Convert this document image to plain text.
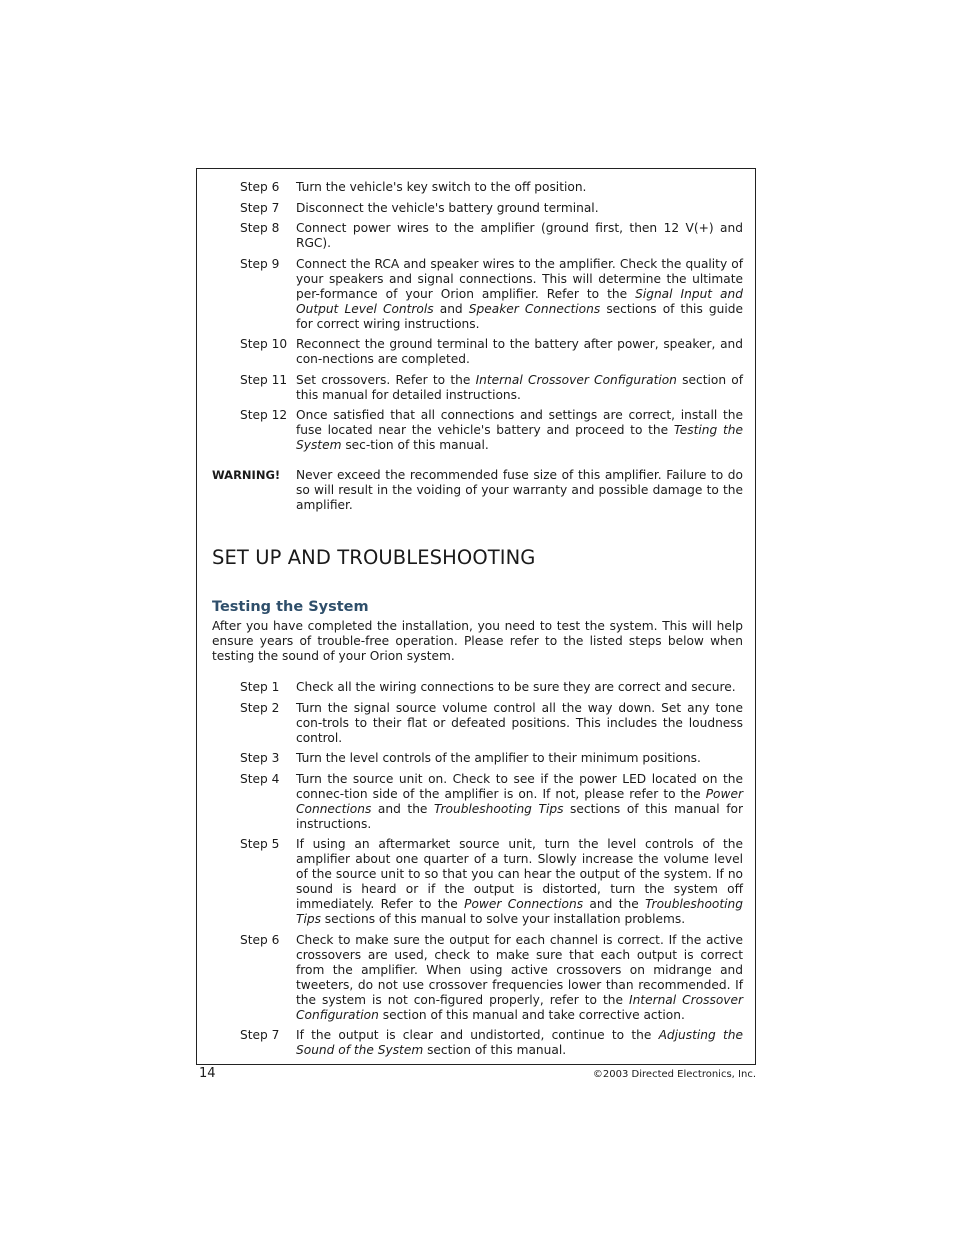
Step 6	Turn the vehicle's key switch to the off position.
Step 7	Disconnect the vehicle's battery ground terminal.
Step 8	Connect power wires to the amplifier (ground first, then 12 V(+) and RGC).
Step 9	Connect the RCA and speaker wires to the amplifier. Check the quality of your speakers and signal connections. This will determine the ultimate per-formance of your Orion amplifier. Refer to the Signal Input and Output Level Controls and Speaker Connections sections of this guide for correct wiring instructions.
Step 10 Reconnect the ground terminal to the battery after power, speaker, and con-nections are completed.
Step 11 Set crossovers. Refer to the Internal Crossover Configuration section of this manual for detailed instructions.
Step 12 Once satisfied that all connections and settings are correct, install the fuse located near the vehicle's battery and proceed to the Testing the System sec-tion of this manual.
WARNING!	Never exceed the recommended fuse size of this amplifier. Failure to do so will result in the voiding of your warranty and possible damage to the amplifier.
SET UP AND TROUBLESHOOTING
Testing the System

After you have completed the installation, you need to test the system. This will help ensure years of trouble-free operation. Please refer to the listed steps below when testing the sound of your Orion system.

Step 1	Check all the wiring connections to be sure they are correct and secure.
Step 2	Turn the signal source volume control all the way down. Set any tone con-trols to their flat or defeated positions. This includes the loudness control.
Step 3	Turn the level controls of the amplifier to their minimum positions.
Step 4	Turn the source unit on. Check to see if the power LED located on the connec-tion side of the amplifier is on. If not, please refer to the Power Connections and the Troubleshooting Tips sections of this manual for instructions.
Step 5	If using an aftermarket source unit, turn the level controls of the amplifier about one quarter of a turn. Slowly increase the volume level of the source unit to so that you can hear the output of the system. If no sound is heard or if the output is distorted, turn the system off immediately. Refer to the Power Connections and the Troubleshooting Tips sections of this manual to solve your installation problems.
Step 6	Check to make sure the output for each channel is correct. If the active crossovers are used, check to make sure that each output is correct from the amplifier. When using active crossovers on midrange and tweeters, do not use crossover frequencies lower than recommended. If the system is not con-figured properly, refer to the Internal Crossover Configuration section of this manual and take corrective action.
Step 7	If the output is clear and undistorted, continue to the Adjusting the Sound of the System section of this manual.
14	©2003 Directed Electronics, Inc.
